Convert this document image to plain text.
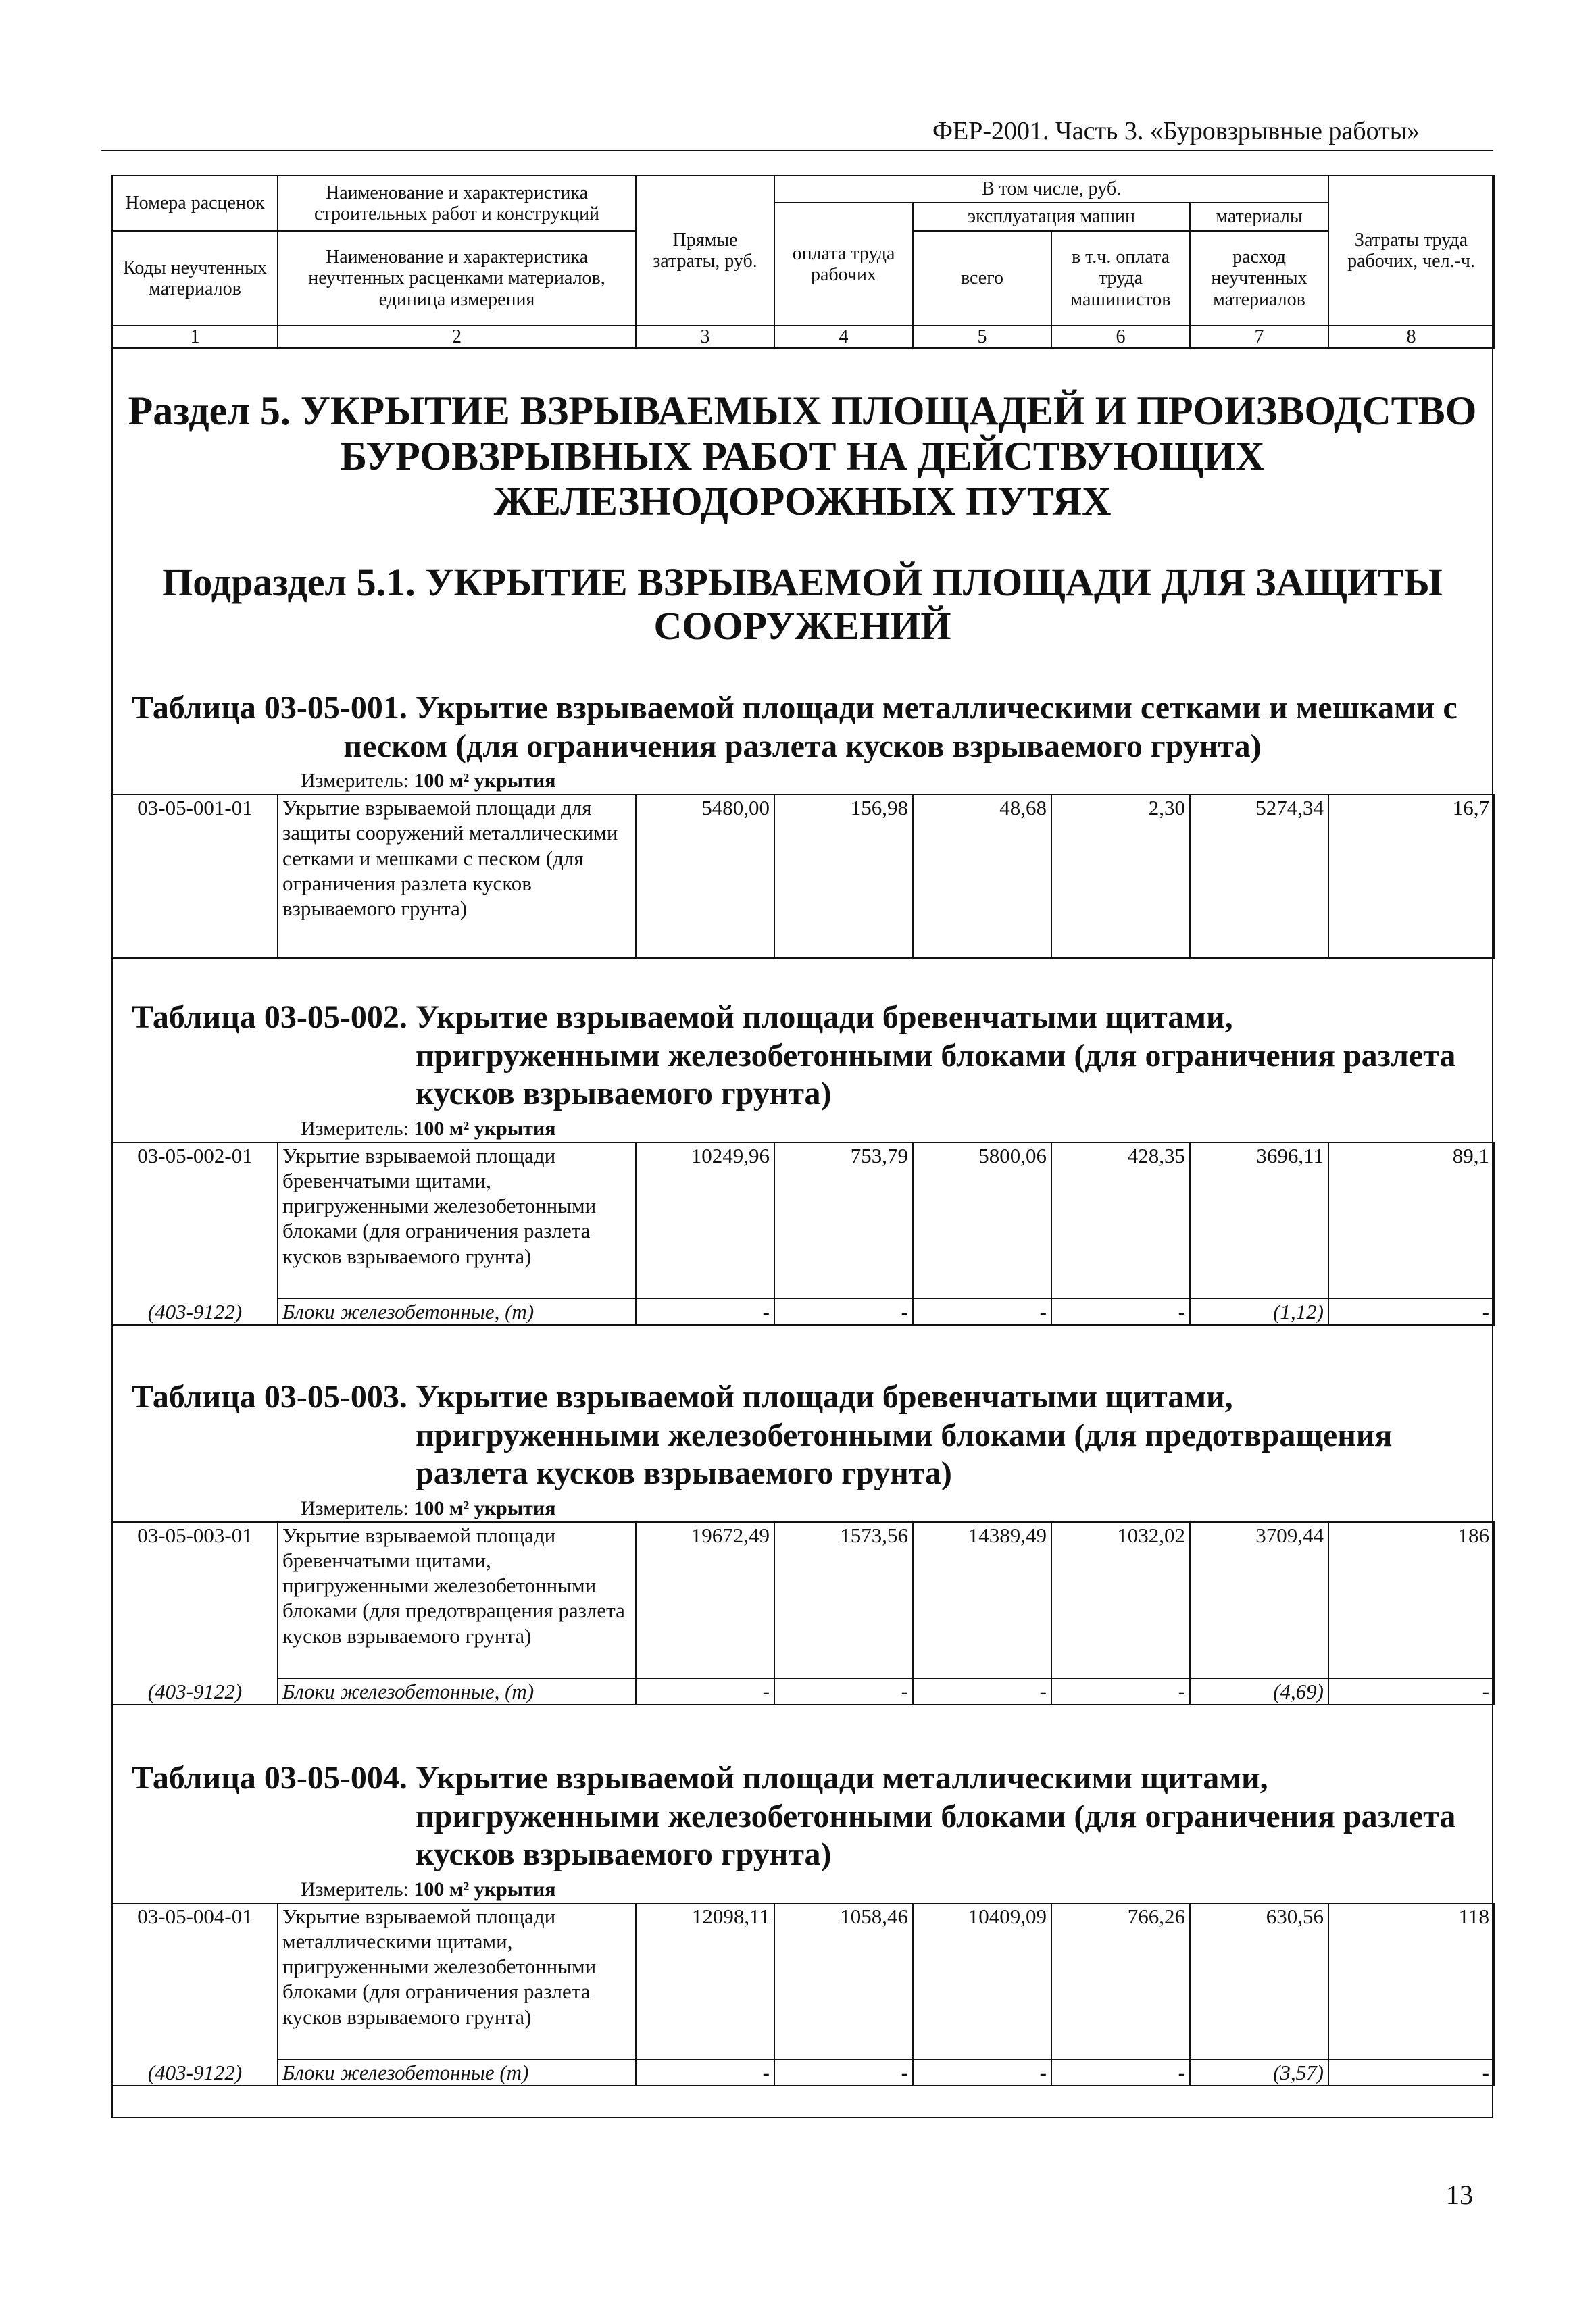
ФЕР-2001. Часть 3. «Буровзрывные работы»
Номера расценок	Наименование и характеристика строительных работ и конструкций	Прямые затраты, руб.	В том числе, руб.				Затраты труда рабочих, чел.-ч.
			оплата труда рабочих	эксплуатация машин		материалы	
Коды неучтенных материалов	Наименование и характеристика неучтенных расценками материалов, единица измерения			всего	в т.ч. оплата труда машинистов	расход неучтенных материалов	

1	2	3	4	5	6	7	8
Раздел 5. УКРЫТИЕ ВЗРЫВАЕМЫХ ПЛОЩАДЕЙ И ПРОИЗВОДСТВО БУРОВЗРЫВНЫХ РАБОТ НА ДЕЙСТВУЮЩИХ ЖЕЛЕЗНОДОРОЖНЫХ ПУТЯХ
Подраздел 5.1. УКРЫТИЕ ВЗРЫВАЕМОЙ ПЛОЩАДИ ДЛЯ ЗАЩИТЫ СООРУЖЕНИЙ
Таблица 03-05-001. Укрытие взрываемой площади металлическими сетками и мешками с
песком (для ограничения разлета кусков взрываемого грунта)
Измеритель: 100 м² укрытия
03-05-001-01	Укрытие взрываемой площади для защиты сооружений металлическими сетками и мешками с песком (для ограничения разлета кусков взрываемого грунта)	5480,00	156,98	48,68	2,30	5274,34	16,7
Таблица 03-05-002. Укрытие взрываемой площади бревенчатыми щитами,
пригруженными железобетонными блоками (для ограничения разлета кусков взрываемого грунта)
Измеритель: 100 м² укрытия
03-05-002-01	Укрытие взрываемой площади бревенчатыми щитами, пригруженными железобетонными блоками (для ограничения разлета кусков взрываемого грунта)	10249,96	753,79	5800,06	428,35	3696,11	89,1
(403-9122)	Блоки железобетонные, (т)	-	-	-	-	(1,12)	-
Таблица 03-05-003. Укрытие взрываемой площади бревенчатыми щитами,
пригруженными железобетонными блоками (для предотвращения разлета кусков взрываемого грунта)
Измеритель: 100 м² укрытия
03-05-003-01	Укрытие взрываемой площади бревенчатыми щитами, пригруженными железобетонными блоками (для предотвращения разлета кусков взрываемого грунта)	19672,49	1573,56	14389,49	1032,02	3709,44	186
(403-9122)	Блоки железобетонные, (т)	-	-	-	-	(4,69)	-
Таблица 03-05-004. Укрытие взрываемой площади металлическими щитами,
пригруженными железобетонными блоками (для ограничения разлета кусков взрываемого грунта)
Измеритель: 100 м² укрытия
03-05-004-01	Укрытие взрываемой площади металлическими щитами, пригруженными железобетонными блоками (для ограничения разлета кусков взрываемого грунта)	12098,11	1058,46	10409,09	766,26	630,56	118
(403-9122)	Блоки железобетонные (т)	-	-	-	-	(3,57)	-
13
